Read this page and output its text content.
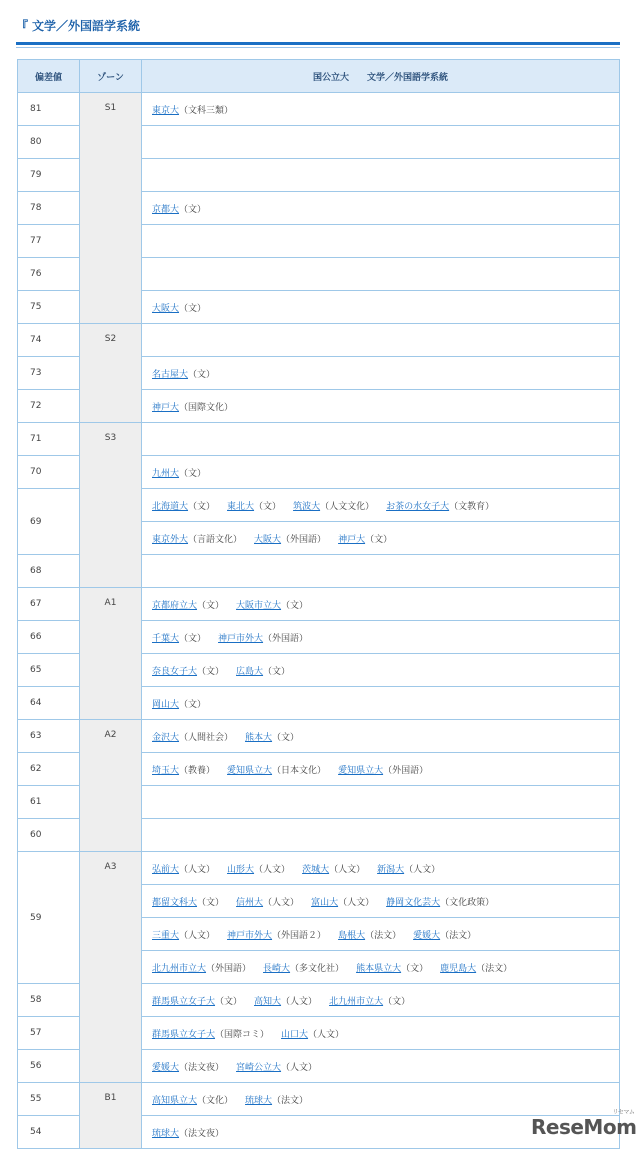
『 文学／外国語学系統
偏差値	ゾーン	国公立大　　文学／外国語学系統
81	S1	東京大（文科三類）
80		
79		
78		京都大（文）
77		
76		
75		大阪大（文）
74	S2	
73		名古屋大（文）
72		神戸大（国際文化）
71	S3	
70		九州大（文）
69		北海道大（文） 東北大（文） 筑波大（人文文化） お茶の水女子大（文教育）
		東京外大（言語文化） 大阪大（外国語） 神戸大（文）
68		
67	A1	京都府立大（文） 大阪市立大（文）
66		千葉大（文） 神戸市外大（外国語）
65		奈良女子大（文） 広島大（文）
64		岡山大（文）
63	A2	金沢大（人間社会） 熊本大（文）
62		埼玉大（教養） 愛知県立大（日本文化） 愛知県立大（外国語）
61		
60		
59	A3	弘前大（人文） 山形大（人文） 茨城大（人文） 新潟大（人文）
		都留文科大（文） 信州大（人文） 富山大（人文） 静岡文化芸大（文化政策）
		三重大（人文） 神戸市外大（外国語２） 島根大（法文） 愛媛大（法文）
		北九州市立大（外国語） 長崎大（多文化社） 熊本県立大（文） 鹿児島大（法文）
58		群馬県立女子大（文） 高知大（人文） 北九州市立大（文）
57		群馬県立女子大（国際コミ） 山口大（人文）
56		愛媛大（法文夜） 宮崎公立大（人文）
55	B1	高知県立大（文化） 琉球大（法文）
54		琉球大（法文夜）
リセマム
ReseMom
